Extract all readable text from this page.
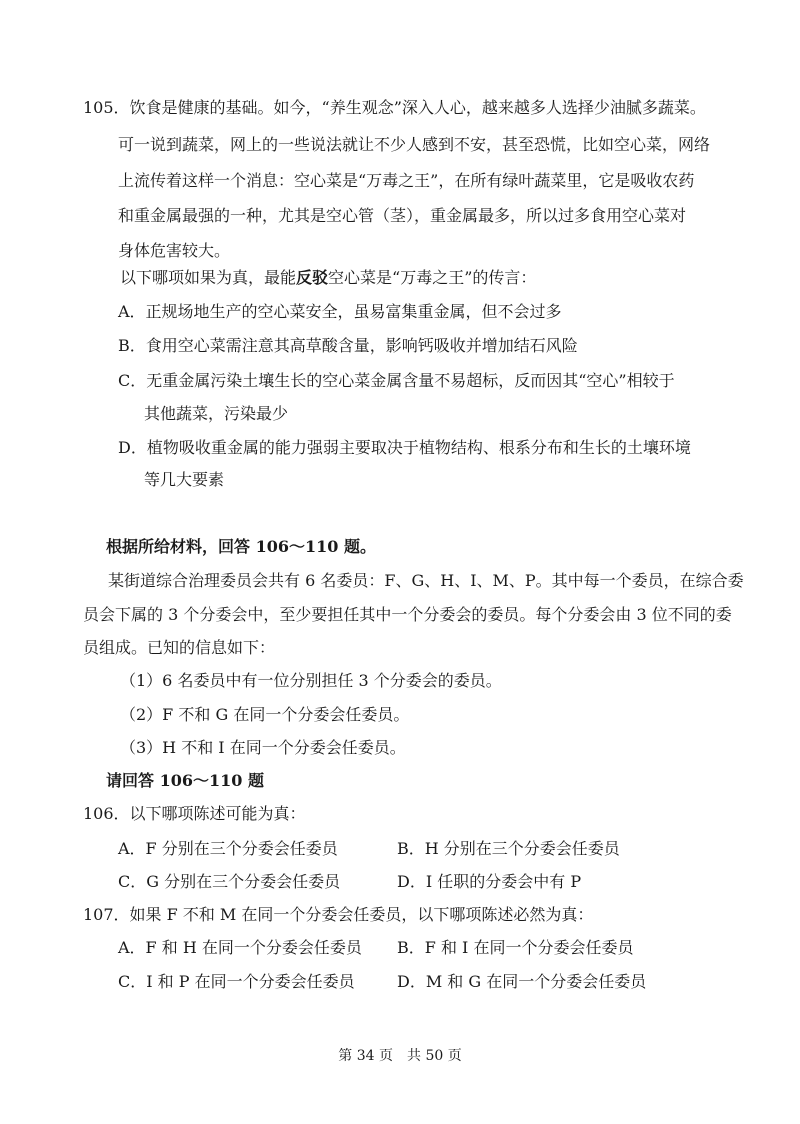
105．饮食是健康的基础。如今，“养生观念”深入人心，越来越多人选择少油腻多蔬菜。
可一说到蔬菜，网上的一些说法就让不少人感到不安，甚至恐慌，比如空心菜，网络
上流传着这样一个消息：空心菜是“万毒之王”，在所有绿叶蔬菜里，它是吸收农药
和重金属最强的一种，尤其是空心管（茎），重金属最多，所以过多食用空心菜对
身体危害较大。
以下哪项如果为真，最能反驳空心菜是“万毒之王”的传言：
A．正规场地生产的空心菜安全，虽易富集重金属，但不会过多
B．食用空心菜需注意其高草酸含量，影响钙吸收并增加结石风险
C．无重金属污染土壤生长的空心菜金属含量不易超标，反而因其“空心”相较于
其他蔬菜，污染最少
D．植物吸收重金属的能力强弱主要取决于植物结构、根系分布和生长的土壤环境
等几大要素
根据所给材料，回答 106～110 题。
某街道综合治理委员会共有 6 名委员：F、G、H、I、M、P。其中每一个委员，在综合委
员会下属的 3 个分委会中，至少要担任其中一个分委会的委员。每个分委会由 3 位不同的委
员组成。已知的信息如下：
（1）6 名委员中有一位分别担任 3 个分委会的委员。
（2）F 不和 G 在同一个分委会任委员。
（3）H 不和 I 在同一个分委会任委员。
请回答 106～110 题
106．以下哪项陈述可能为真：
A．F 分别在三个分委会任委员	B．H 分别在三个分委会任委员
C．G 分别在三个分委会任委员	D．I 任职的分委会中有 P
107．如果 F 不和 M 在同一个分委会任委员，以下哪项陈述必然为真：
A．F 和 H 在同一个分委会任委员 B．F 和 I 在同一个分委会任委员
C．I 和 P 在同一个分委会任委员	D．M 和 G 在同一个分委会任委员
第 34 页　共 50 页
